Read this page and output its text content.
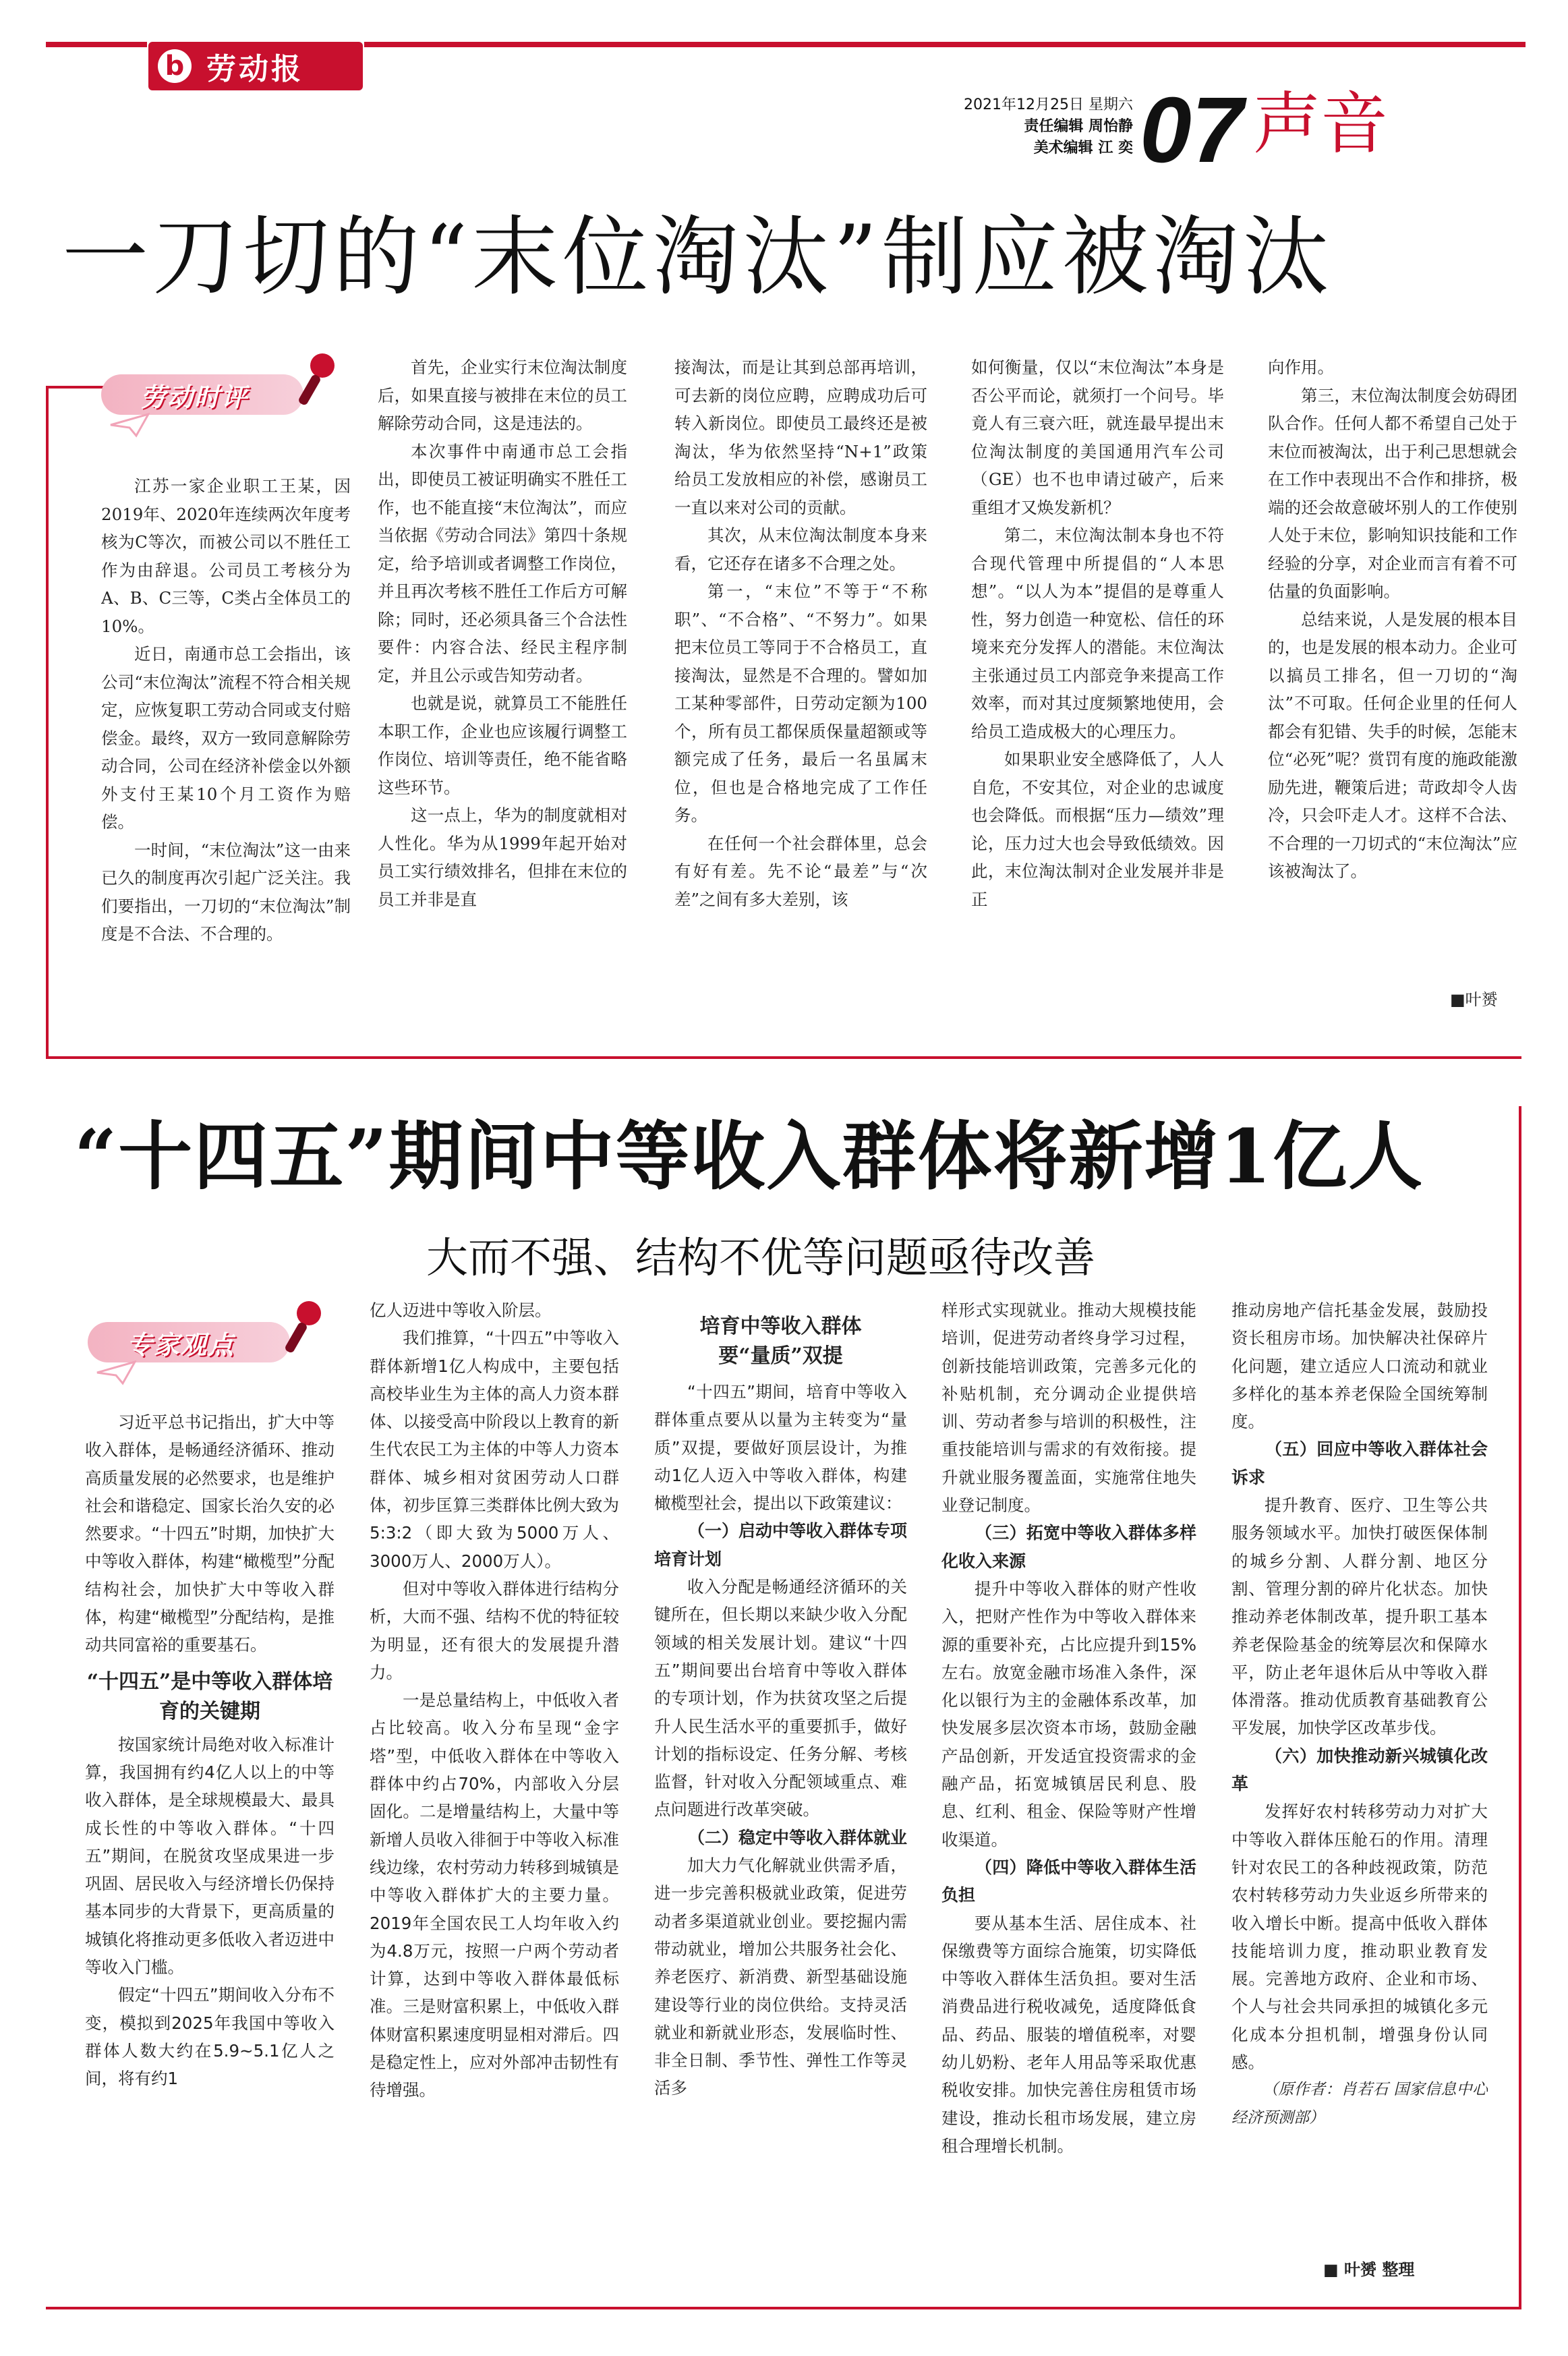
b 劳动报
2021年12月25日 星期六
责任编辑 周怡静
美术编辑 江 奕 07 声音
一刀切的“末位淘汰”制应被淘汰
劳动时评

江苏一家企业职工王某，因2019年、2020年连续两次年度考核为C等次，而被公司以不胜任工作为由辞退。公司员工考核分为A、B、C三等，C类占全体员工的10%。

近日，南通市总工会指出，该公司“末位淘汰”流程不符合相关规定，应恢复职工劳动合同或支付赔偿金。最终，双方一致同意解除劳动合同，公司在经济补偿金以外额外支付王某10个月工资作为赔偿。

一时间，“末位淘汰”这一由来已久的制度再次引起广泛关注。我们要指出，一刀切的“末位淘汰”制度是不合法、不合理的。

首先，企业实行末位淘汰制度后，如果直接与被排在末位的员工解除劳动合同，这是违法的。

本次事件中南通市总工会指出，即使员工被证明确实不胜任工作，也不能直接“末位淘汰”，而应当依据《劳动合同法》第四十条规定，给予培训或者调整工作岗位，并且再次考核不胜任工作后方可解除；同时，还必须具备三个合法性要件：内容合法、经民主程序制定，并且公示或告知劳动者。

也就是说，就算员工不能胜任本职工作，企业也应该履行调整工作岗位、培训等责任，绝不能省略这些环节。

这一点上，华为的制度就相对人性化。华为从1999年起开始对员工实行绩效排名，但排在末位的员工并非是直

接淘汰，而是让其到总部再培训，可去新的岗位应聘，应聘成功后可转入新岗位。即使员工最终还是被淘汰，华为依然坚持“N+1”政策给员工发放相应的补偿，感谢员工一直以来对公司的贡献。

其次，从末位淘汰制度本身来看，它还存在诸多不合理之处。

第一，“末位”不等于“不称职”、“不合格”、“不努力”。如果把末位员工等同于不合格员工，直接淘汰，显然是不合理的。譬如加工某种零部件，日劳动定额为100个，所有员工都保质保量超额或等额完成了任务，最后一名虽属末位，但也是合格地完成了工作任务。

在任何一个社会群体里，总会有好有差。先不论“最差”与“次差”之间有多大差别，该

如何衡量，仅以“末位淘汰”本身是否公平而论，就须打一个问号。毕竟人有三衰六旺，就连最早提出末位淘汰制度的美国通用汽车公司（GE）也不也申请过破产，后来重组才又焕发新机？

第二，末位淘汰制本身也不符合现代管理中所提倡的“人本思想”。“以人为本”提倡的是尊重人性，努力创造一种宽松、信任的环境来充分发挥人的潜能。末位淘汰主张通过员工内部竞争来提高工作效率，而对其过度频繁地使用，会给员工造成极大的心理压力。

如果职业安全感降低了，人人自危，不安其位，对企业的忠诚度也会降低。而根据“压力—绩效”理论，压力过大也会导致低绩效。因此，末位淘汰制对企业发展并非是正

向作用。

第三，末位淘汰制度会妨碍团队合作。任何人都不希望自己处于末位而被淘汰，出于利己思想就会在工作中表现出不合作和排挤，极端的还会故意破坏别人的工作使别人处于末位，影响知识技能和工作经验的分享，对企业而言有着不可估量的负面影响。

总结来说，人是发展的根本目的，也是发展的根本动力。企业可以搞员工排名，但一刀切的“淘汰”不可取。任何企业里的任何人都会有犯错、失手的时候，怎能末位“必死”呢？赏罚有度的施政能激励先进，鞭策后进；苛政却令人齿冷，只会吓走人才。这样不合法、不合理的一刀切式的“末位淘汰”应该被淘汰了。

■叶赟
“十四五”期间中等收入群体将新增1亿人
大而不强、结构不优等问题亟待改善
专家观点

习近平总书记指出，扩大中等收入群体，是畅通经济循环、推动高质量发展的必然要求，也是维护社会和谐稳定、国家长治久安的必然要求。“十四五”时期，加快扩大中等收入群体，构建“橄榄型”分配结构社会，加快扩大中等收入群体，构建“橄榄型”分配结构，是推动共同富裕的重要基石。

“十四五”是中等收入群体培育的关键期

按国家统计局绝对收入标准计算，我国拥有约4亿人以上的中等收入群体，是全球规模最大、最具成长性的中等收入群体。“十四五”期间，在脱贫攻坚成果进一步巩固、居民收入与经济增长仍保持基本同步的大背景下，更高质量的城镇化将推动更多低收入者迈进中等收入门槛。

假定“十四五”期间收入分布不变，模拟到2025年我国中等收入群体人数大约在5.9~5.1亿人之间，将有约1

亿人迈进中等收入阶层。

我们推算，“十四五”中等收入群体新增1亿人构成中，主要包括高校毕业生为主体的高人力资本群体、以接受高中阶段以上教育的新生代农民工为主体的中等人力资本群体、城乡相对贫困劳动人口群体，初步匡算三类群体比例大致为5:3:2（即大致为5000万人、3000万人、2000万人）。

但对中等收入群体进行结构分析，大而不强、结构不优的特征较为明显，还有很大的发展提升潜力。

一是总量结构上，中低收入者占比较高。收入分布呈现“金字塔”型，中低收入群体在中等收入群体中约占70%，内部收入分层固化。二是增量结构上，大量中等新增人员收入徘徊于中等收入标准线边缘，农村劳动力转移到城镇是中等收入群体扩大的主要力量。2019年全国农民工人均年收入约为4.8万元，按照一户两个劳动者计算，达到中等收入群体最低标准。三是财富积累上，中低收入群体财富积累速度明显相对滞后。四是稳定性上，应对外部冲击韧性有待增强。

培育中等收入群体
要“量质”双提

“十四五”期间，培育中等收入群体重点要从以量为主转变为“量质”双提，要做好顶层设计，为推动1亿人迈入中等收入群体，构建橄榄型社会，提出以下政策建议：

（一）启动中等收入群体专项培育计划

收入分配是畅通经济循环的关键所在，但长期以来缺少收入分配领域的相关发展计划。建议“十四五”期间要出台培育中等收入群体的专项计划，作为扶贫攻坚之后提升人民生活水平的重要抓手，做好计划的指标设定、任务分解、考核监督，针对收入分配领域重点、难点问题进行改革突破。

（二）稳定中等收入群体就业

加大力气化解就业供需矛盾，进一步完善积极就业政策，促进劳动者多渠道就业创业。要挖掘内需带动就业，增加公共服务社会化、养老医疗、新消费、新型基础设施建设等行业的岗位供给。支持灵活就业和新就业形态，发展临时性、非全日制、季节性、弹性工作等灵活多

样形式实现就业。推动大规模技能培训，促进劳动者终身学习过程，创新技能培训政策，完善多元化的补贴机制，充分调动企业提供培训、劳动者参与培训的积极性，注重技能培训与需求的有效衔接。提升就业服务覆盖面，实施常住地失业登记制度。

（三）拓宽中等收入群体多样化收入来源

提升中等收入群体的财产性收入，把财产性作为中等收入群体来源的重要补充，占比应提升到15%左右。放宽金融市场准入条件，深化以银行为主的金融体系改革，加快发展多层次资本市场，鼓励金融产品创新，开发适宜投资需求的金融产品，拓宽城镇居民利息、股息、红利、租金、保险等财产性增收渠道。

（四）降低中等收入群体生活负担

要从基本生活、居住成本、社保缴费等方面综合施策，切实降低中等收入群体生活负担。要对生活消费品进行税收减免，适度降低食品、药品、服装的增值税率，对婴幼儿奶粉、老年人用品等采取优惠税收安排。加快完善住房租赁市场建设，推动长租市场发展，建立房租合理增长机制。

推动房地产信托基金发展，鼓励投资长租房市场。加快解决社保碎片化问题，建立适应人口流动和就业多样化的基本养老保险全国统筹制度。

（五）回应中等收入群体社会诉求

提升教育、医疗、卫生等公共服务领域水平。加快打破医保体制的城乡分割、人群分割、地区分割、管理分割的碎片化状态。加快推动养老体制改革，提升职工基本养老保险基金的统筹层次和保障水平，防止老年退休后从中等收入群体滑落。推动优质教育基础教育公平发展，加快学区改革步伐。

（六）加快推动新兴城镇化改革

发挥好农村转移劳动力对扩大中等收入群体压舱石的作用。清理针对农民工的各种歧视政策，防范农村转移劳动力失业返乡所带来的收入增长中断。提高中低收入群体技能培训力度，推动职业教育发展。完善地方政府、企业和市场、个人与社会共同承担的城镇化多元化成本分担机制，增强身份认同感。

（原作者：肖若石 国家信息中心经济预测部）

■ 叶赟 整理
